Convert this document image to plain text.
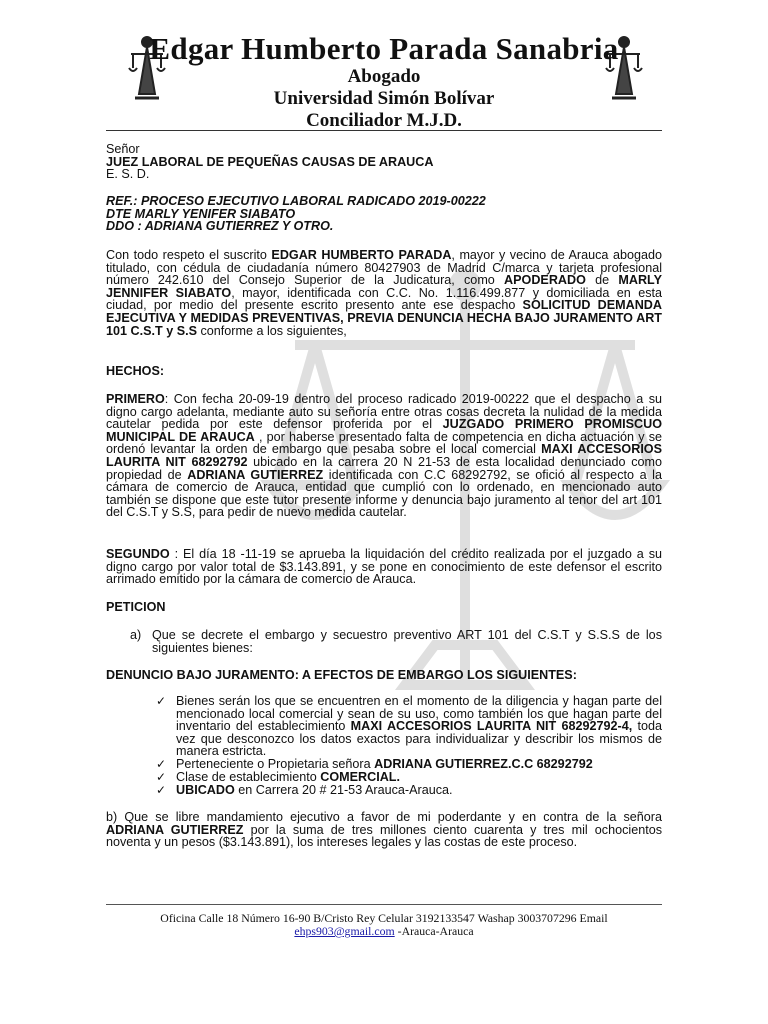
Edgar Humberto Parada Sanabria
Abogado
Universidad Simón Bolívar
Conciliador M.J.D.
Señor
JUEZ LABORAL DE PEQUEÑAS CAUSAS DE ARAUCA
E. S. D.
REF.: PROCESO EJECUTIVO LABORAL RADICADO 2019-00222
DTE MARLY YENIFER SIABATO
DDO : ADRIANA GUTIERREZ Y OTRO.
Con todo respeto el suscrito EDGAR HUMBERTO PARADA, mayor y vecino de Arauca abogado titulado, con cédula de ciudadanía número 80427903 de Madrid C/marca y tarjeta profesional número 242.610 del Consejo Superior de la Judicatura, como APODERADO de MARLY JENNIFER SIABATO, mayor, identificada con C.C. No. 1.116.499.877 y domiciliada en esta ciudad, por medio del presente escrito presento ante ese despacho SOLICITUD DEMANDA EJECUTIVA Y MEDIDAS PREVENTIVAS, PREVIA DENUNCIA HECHA BAJO JURAMENTO ART 101 C.S.T y S.S conforme a los siguientes,
HECHOS:
PRIMERO: Con fecha 20-09-19 dentro del proceso radicado 2019-00222 que el despacho a su digno cargo adelanta, mediante auto su señoría entre otras cosas decreta la nulidad de la medida cautelar pedida por este defensor proferida por el JUZGADO PRIMERO PROMISCUO MUNICIPAL DE ARAUCA , por haberse presentado falta de competencia en dicha actuación y se ordenó levantar la orden de embargo que pesaba sobre el local comercial MAXI ACCESORIOS LAURITA NIT 68292792 ubicado en la carrera 20 N 21-53 de esta localidad denunciado como propiedad de ADRIANA GUTIERREZ identificada con C.C 68292792, se ofició al respecto a la cámara de comercio de Arauca, entidad que cumplió con lo ordenado, en mencionado auto también se dispone que este tutor presente informe y denuncia bajo juramento al tenor del art 101 del C.S.T y S.S, para pedir de nuevo medida cautelar.
SEGUNDO : El día 18 -11-19 se aprueba la liquidación del crédito realizada por el juzgado a su digno cargo por valor total de $3.143.891, y se pone en conocimiento de este defensor el escrito arrimado emitido por la cámara de comercio de Arauca.
PETICION
a) Que se decrete el embargo y secuestro preventivo ART 101 del C.S.T y S.S.S de los siguientes bienes:
DENUNCIO BAJO JURAMENTO: A EFECTOS DE EMBARGO LOS SIGUIENTES:
✓ Bienes serán los que se encuentren en el momento de la diligencia y hagan parte del mencionado local comercial y sean de su uso, como también los que hagan parte del inventario del establecimiento MAXI ACCESORIOS LAURITA NIT 68292792-4, toda vez que desconozco los datos exactos para individualizar y describir los mismos de manera estricta.
✓ Perteneciente o Propietaria señora ADRIANA GUTIERREZ.C.C 68292792
✓ Clase de establecimiento COMERCIAL.
✓ UBICADO en Carrera 20 # 21-53 Arauca-Arauca.
b) Que se libre mandamiento ejecutivo a favor de mi poderdante y en contra de la señora ADRIANA GUTIERREZ por la suma de tres millones ciento cuarenta y tres mil ochocientos noventa y un pesos ($3.143.891), los intereses legales y las costas de este proceso.
Oficina Calle 18 Número 16-90 B/Cristo Rey Celular 3192133547 Washap 3003707296 Email
ehps903@gmail.com -Arauca-Arauca
